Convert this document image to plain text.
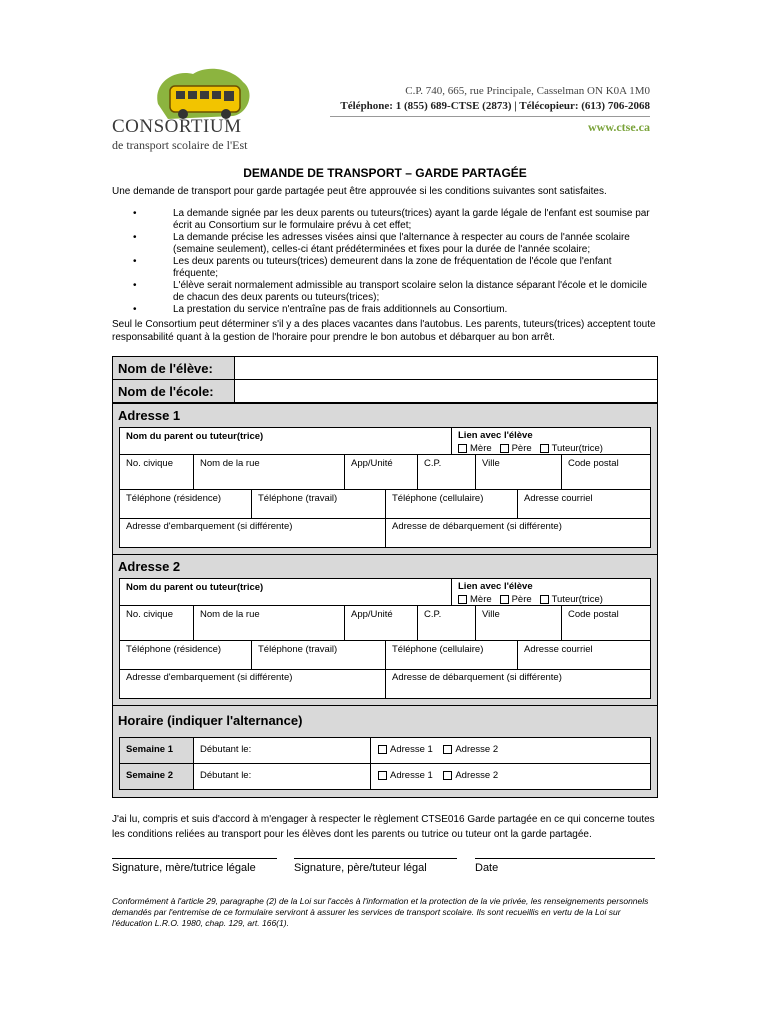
CONSORTIUM
de transport scolaire de l'Est
C.P. 740, 665, rue Principale, Casselman ON K0A 1M0
Téléphone: 1 (855) 689-CTSE (2873) | Télécopieur: (613) 706-2068
www.ctse.ca
DEMANDE DE TRANSPORT – GARDE PARTAGÉE
Une demande de transport pour garde partagée peut être approuvée si les conditions suivantes sont satisfaites.
• La demande signée par les deux parents ou tuteurs(trices) ayant la garde légale de l'enfant est soumise par écrit au Consortium sur le formulaire prévu à cet effet;
• La demande précise les adresses visées ainsi que l'alternance à respecter au cours de l'année scolaire (semaine seulement), celles-ci étant prédéterminées et fixes pour la durée de l'année scolaire;
• Les deux parents ou tuteurs(trices) demeurent dans la zone de fréquentation de l'école que l'enfant fréquente;
• L'élève serait normalement admissible au transport scolaire selon la distance séparant l'école et le domicile de chacun des deux parents ou tuteurs(trices);
• La prestation du service n'entraîne pas de frais additionnels au Consortium.
Seul le Consortium peut déterminer s'il y a des places vacantes dans l'autobus. Les parents, tuteurs(trices) acceptent toute responsabilité quant à la gestion de l'horaire pour prendre le bon autobus et débarquer au bon arrêt.
Nom de l'élève:
Nom de l'école:
Adresse 1
Nom du parent ou tuteur(trice)	Lien avec l'élève
Mère Père Tuteur(trice)
No. civique	Nom de la rue	App/Unité	C.P.	Ville	Code postal
Téléphone (résidence)	Téléphone (travail)	Téléphone (cellulaire)	Adresse courriel
Adresse d'embarquement (si différente)	Adresse de débarquement (si différente)
Adresse 2
Nom du parent ou tuteur(trice)	Lien avec l'élève
Mère Père Tuteur(trice)
No. civique	Nom de la rue	App/Unité	C.P.	Ville	Code postal
Téléphone (résidence)	Téléphone (travail)	Téléphone (cellulaire)	Adresse courriel
Adresse d'embarquement (si différente)	Adresse de débarquement (si différente)
Horaire (indiquer l'alternance)
Semaine 1	Débutant le:	Adresse 1 Adresse 2
Semaine 2	Débutant le:	Adresse 1 Adresse 2
J'ai lu, compris et suis d'accord à m'engager à respecter le règlement CTSE016 Garde partagée en ce qui concerne toutes les conditions reliées au transport pour les élèves dont les parents ou tutrice ou tuteur ont la garde partagée.
Signature, mère/tutrice légale	Signature, père/tuteur légal	Date
Conformément à l'article 29, paragraphe (2) de la Loi sur l'accès à l'information et la protection de la vie privée, les renseignements personnels demandés par l'entremise de ce formulaire serviront à assurer les services de transport scolaire. Ils sont recueillis en vertu de la Loi sur l'éducation L.R.O. 1980, chap. 129, art. 166(1).
